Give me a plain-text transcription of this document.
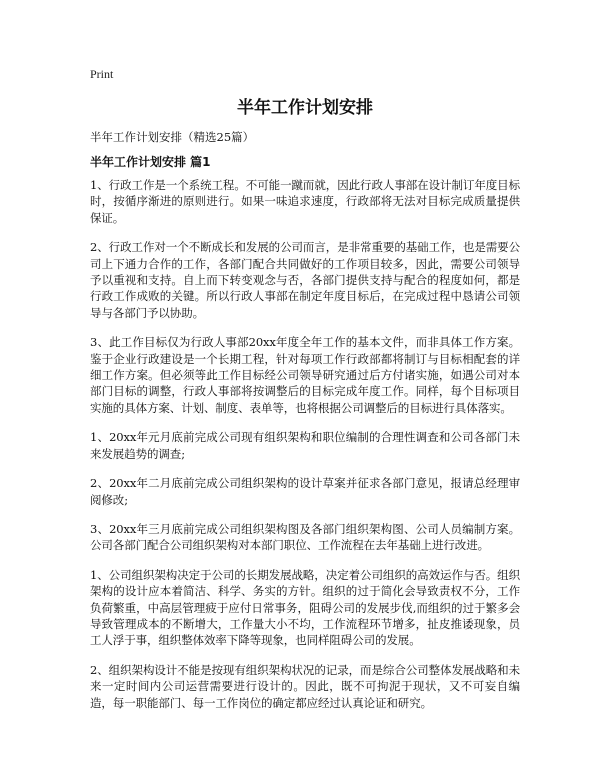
Print
半年工作计划安排

半年工作计划安排（精选25篇）

半年工作计划安排 篇1

1、行政工作是一个系统工程。不可能一蹴而就，因此行政人事部在设计制订年度目标时，按循序渐进的原则进行。如果一味追求速度，行政部将无法对目标完成质量提供保证。

2、行政工作对一个不断成长和发展的公司而言，是非常重要的基础工作，也是需要公司上下通力合作的工作，各部门配合共同做好的工作项目较多，因此，需要公司领导予以重视和支持。自上而下转变观念与否，各部门提供支持与配合的程度如何，都是行政工作成败的关键。所以行政人事部在制定年度目标后，在完成过程中恳请公司领导与各部门予以协助。

3、此工作目标仅为行政人事部20xx年度全年工作的基本文件，而非具体工作方案。鉴于企业行政建设是一个长期工程，针对每项工作行政部都将制订与目标相配套的详细工作方案。但必须等此工作目标经公司领导研究通过后方付诸实施，如遇公司对本部门目标的调整，行政人事部将按调整后的目标完成年度工作。同样，每个目标项目实施的具体方案、计划、制度、表单等，也将根据公司调整后的目标进行具体落实。

1、20xx年元月底前完成公司现有组织架构和职位编制的合理性调查和公司各部门未来发展趋势的调查;

2、20xx年二月底前完成公司组织架构的设计草案并征求各部门意见，报请总经理审阅修改;

3、20xx年三月底前完成公司组织架构图及各部门组织架构图、公司人员编制方案。公司各部门配合公司组织架构对本部门职位、工作流程在去年基础上进行改进。

1、公司组织架构决定于公司的长期发展战略，决定着公司组织的高效运作与否。组织架构的设计应本着简洁、科学、务实的方针。组织的过于简化会导致责权不分，工作负荷繁重，中高层管理疲于应付日常事务，阻碍公司的发展步伐,而组织的过于繁多会导致管理成本的不断增大，工作量大小不均，工作流程环节增多，扯皮推诿现象，员工人浮于事，组织整体效率下降等现象，也同样阻碍公司的发展。

2、组织架构设计不能是按现有组织架构状况的记录，而是综合公司整体发展战略和未来一定时间内公司运营需要进行设计的。因此，既不可拘泥于现状，又不可妄自编造，每一职能部门、每一工作岗位的确定都应经过认真论证和研究。
